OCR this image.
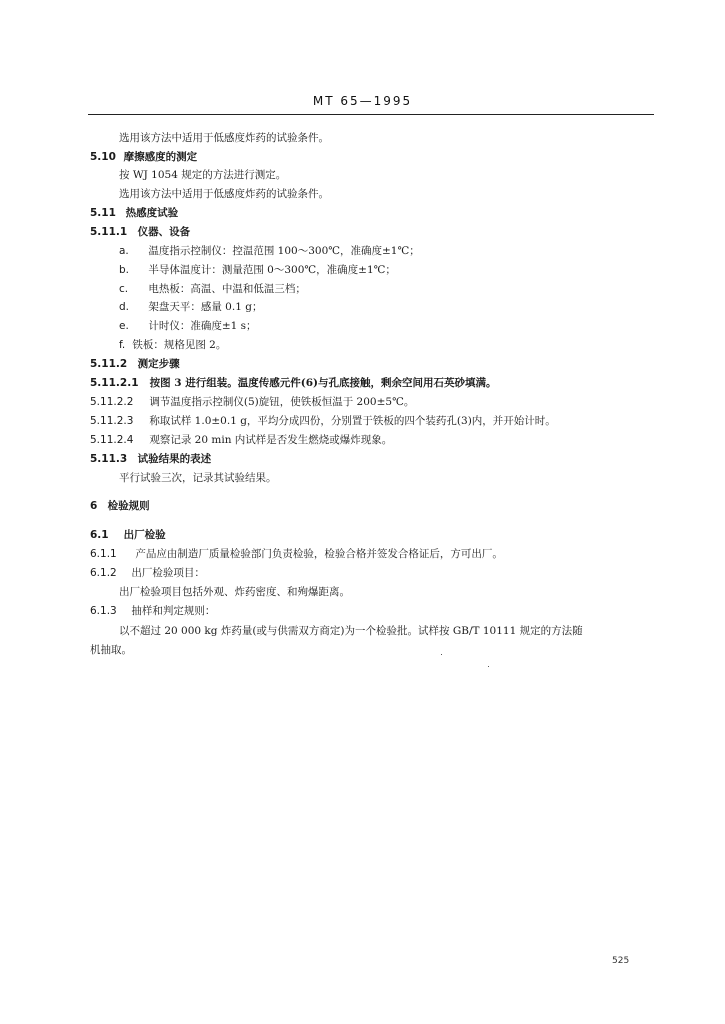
MT 65—1995
选用该方法中适用于低感度炸药的试验条件。
5.10 摩擦感度的测定
按 WJ 1054 规定的方法进行测定。
选用该方法中适用于低感度炸药的试验条件。
5.11 热感度试验
5.11.1 仪器、设备
a. 温度指示控制仪：控温范围 100～300℃，准确度±1℃；
b. 半导体温度计：测量范围 0～300℃，准确度±1℃；
c. 电热板：高温、中温和低温三档；
d. 架盘天平：感量 0.1 g；
e. 计时仪：准确度±1 s；
f. 铁板：规格见图 2。
5.11.2 测定步骤
5.11.2.1 按图 3 进行组装。温度传感元件(6)与孔底接触，剩余空间用石英砂填满。
5.11.2.2 调节温度指示控制仪(5)旋钮，使铁板恒温于 200±5℃。
5.11.2.3 称取试样 1.0±0.1 g，平均分成四份，分别置于铁板的四个装药孔(3)内，并开始计时。
5.11.2.4 观察记录 20 min 内试样是否发生燃烧或爆炸现象。
5.11.3 试验结果的表述
平行试验三次，记录其试验结果。
6 检验规则
6.1 出厂检验
6.1.1 产品应由制造厂质量检验部门负责检验，检验合格并签发合格证后，方可出厂。
6.1.2 出厂检验项目：
出厂检验项目包括外观、炸药密度、和殉爆距离。
6.1.3 抽样和判定规则：
以不超过 20 000 kg 炸药量(或与供需双方商定)为一个检验批。试样按 GB/T 10111 规定的方法随
机抽取。
525
